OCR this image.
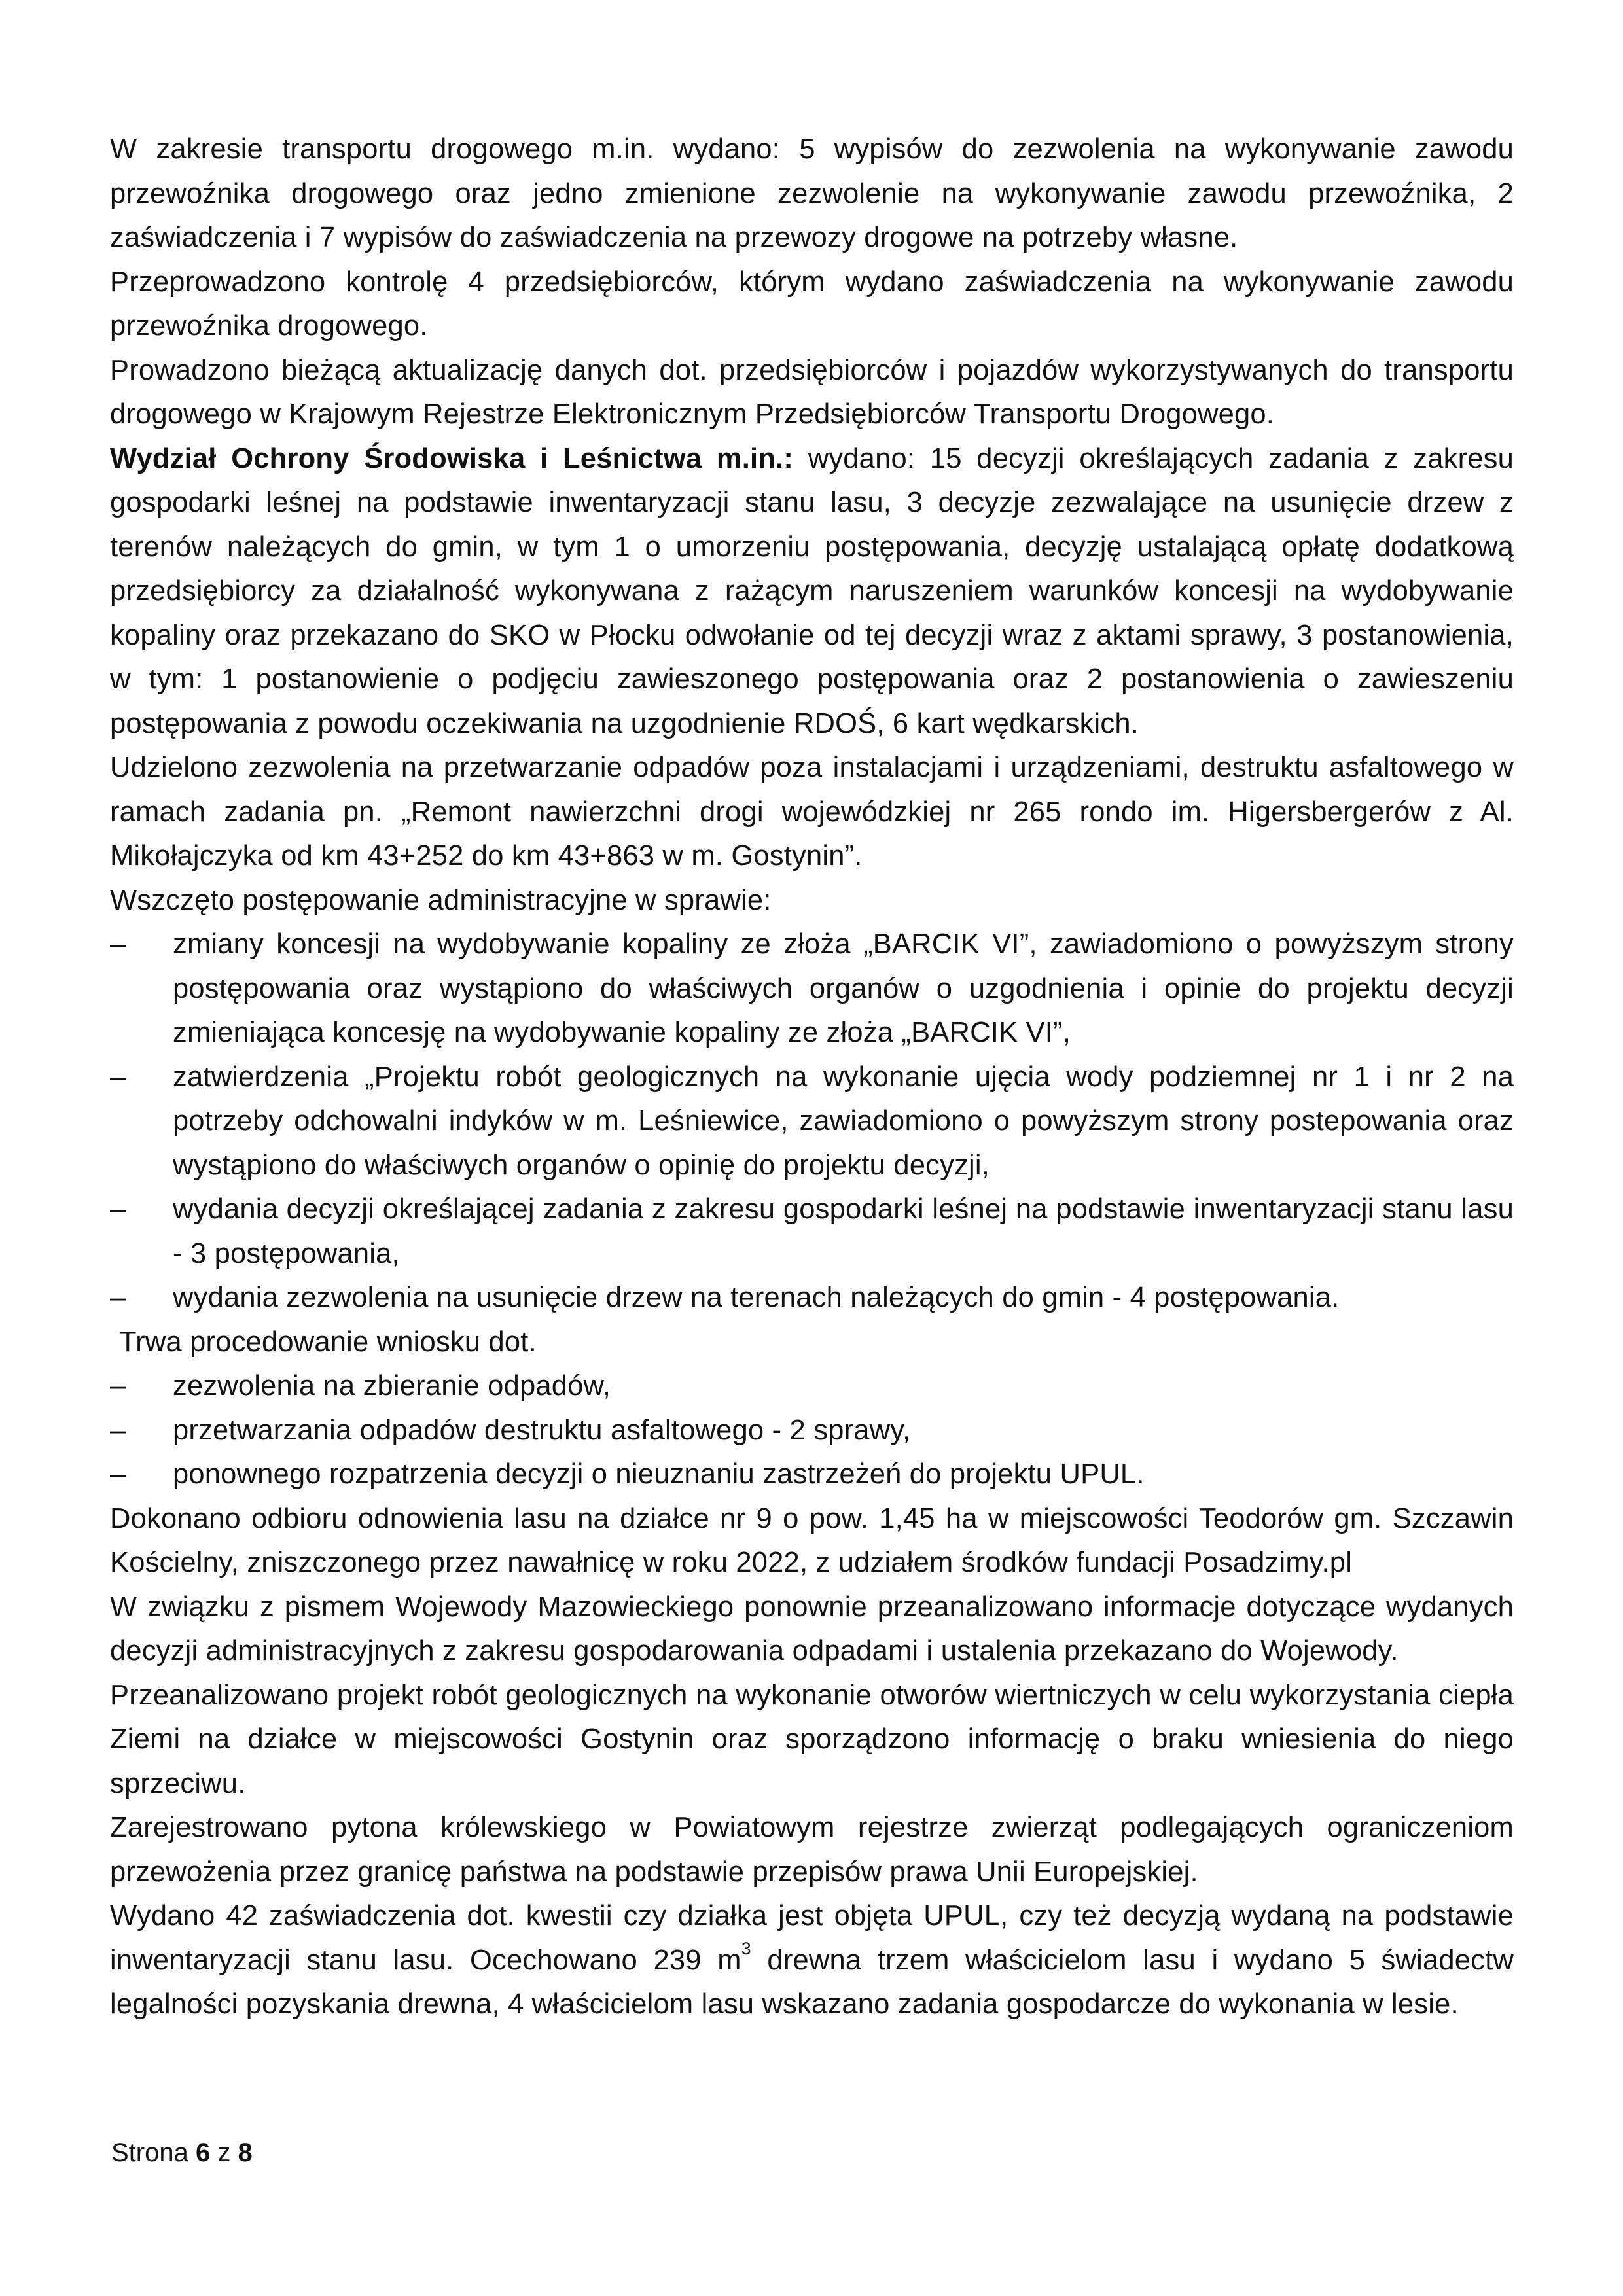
W zakresie transportu drogowego m.in. wydano: 5 wypisów do zezwolenia na wykonywanie zawodu przewoźnika drogowego oraz jedno zmienione zezwolenie na wykonywanie zawodu przewoźnika, 2 zaświadczenia i 7 wypisów do zaświadczenia na przewozy drogowe na potrzeby własne.

Przeprowadzono kontrolę 4 przedsiębiorców, którym wydano zaświadczenia na wykonywanie zawodu przewoźnika drogowego.

Prowadzono bieżącą aktualizację danych dot. przedsiębiorców i pojazdów wykorzystywanych do transportu drogowego w Krajowym Rejestrze Elektronicznym Przedsiębiorców Transportu Drogowego.

Wydział Ochrony Środowiska i Leśnictwa m.in.: wydano: 15 decyzji określających zadania z zakresu gospodarki leśnej na podstawie inwentaryzacji stanu lasu, 3 decyzje zezwalające na usunięcie drzew z terenów należących do gmin, w tym 1 o umorzeniu postępowania, decyzję ustalającą opłatę dodatkową przedsiębiorcy za działalność wykonywana z rażącym naruszeniem warunków koncesji na wydobywanie kopaliny oraz przekazano do SKO w Płocku odwołanie od tej decyzji wraz z aktami sprawy, 3 postanowienia, w tym: 1 postanowienie o podjęciu zawieszonego postępowania oraz 2 postanowienia o zawieszeniu postępowania z powodu oczekiwania na uzgodnienie RDOŚ, 6 kart wędkarskich.

Udzielono zezwolenia na przetwarzanie odpadów poza instalacjami i urządzeniami, destruktu asfaltowego w ramach zadania pn. „Remont nawierzchni drogi wojewódzkiej nr 265 rondo im. Higersbergerów z Al. Mikołajczyka od km 43+252 do km 43+863 w m. Gostynin”.

Wszczęto postępowanie administracyjne w sprawie:

– zmiany koncesji na wydobywanie kopaliny ze złoża „BARCIK VI”, zawiadomiono o powyższym strony postępowania oraz wystąpiono do właściwych organów o uzgodnienia i opinie do projektu decyzji zmieniająca koncesję na wydobywanie kopaliny ze złoża „BARCIK VI”,
– zatwierdzenia „Projektu robót geologicznych na wykonanie ujęcia wody podziemnej nr 1 i nr 2 na potrzeby odchowalni indyków w m. Leśniewice, zawiadomiono o powyższym strony postepowania oraz wystąpiono do właściwych organów o opinię do projektu decyzji,
– wydania decyzji określającej zadania z zakresu gospodarki leśnej na podstawie inwentaryzacji stanu lasu - 3 postępowania,
– wydania zezwolenia na usunięcie drzew na terenach należących do gmin - 4 postępowania.

Trwa procedowanie wniosku dot.

– zezwolenia na zbieranie odpadów,
– przetwarzania odpadów destruktu asfaltowego - 2 sprawy,
– ponownego rozpatrzenia decyzji o nieuznaniu zastrzeżeń do projektu UPUL.

Dokonano odbioru odnowienia lasu na działce nr 9 o pow. 1,45 ha w miejscowości Teodorów gm. Szczawin Kościelny, zniszczonego przez nawałnicę w roku 2022, z udziałem środków fundacji Posadzimy.pl

W związku z pismem Wojewody Mazowieckiego ponownie przeanalizowano informacje dotyczące wydanych decyzji administracyjnych z zakresu gospodarowania odpadami i ustalenia przekazano do Wojewody.

Przeanalizowano projekt robót geologicznych na wykonanie otworów wiertniczych w celu wykorzystania ciepła Ziemi na działce w miejscowości Gostynin oraz sporządzono informację o braku wniesienia do niego sprzeciwu.

Zarejestrowano pytona królewskiego w Powiatowym rejestrze zwierząt podlegających ograniczeniom przewożenia przez granicę państwa na podstawie przepisów prawa Unii Europejskiej.

Wydano 42 zaświadczenia dot. kwestii czy działka jest objęta UPUL, czy też decyzją wydaną na podstawie inwentaryzacji stanu lasu. Ocechowano 239 $m^3$ drewna trzem właścicielom lasu i wydano 5 świadectw legalności pozyskania drewna, 4 właścicielom lasu wskazano zadania gospodarcze do wykonania w lesie.

Strona 6 z 8
